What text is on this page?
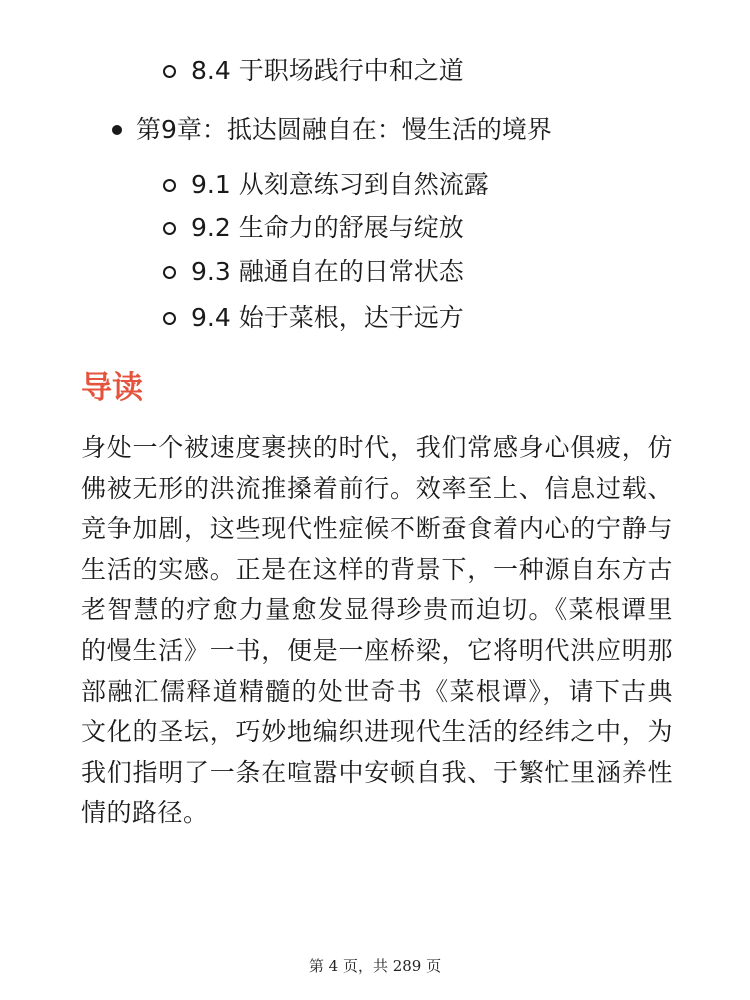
8.4 于职场践行中和之道
第9章：抵达圆融自在：慢生活的境界
9.1 从刻意练习到自然流露
9.2 生命力的舒展与绽放
9.3 融通自在的日常状态
9.4 始于菜根，达于远方
导读

身处一个被速度裹挟的时代，我们常感身心俱疲，仿佛被无形的洪流推搡着前行。效率至上、信息过载、竞争加剧，这些现代性症候不断蚕食着内心的宁静与生活的实感。正是在这样的背景下，一种源自东方古老智慧的疗愈力量愈发显得珍贵而迫切。《菜根谭里的慢生活》一书，便是一座桥梁，它将明代洪应明那部融汇儒释道精髓的处世奇书《菜根谭》，请下古典文化的圣坛，巧妙地编织进现代生活的经纬之中，为我们指明了一条在喧嚣中安顿自我、于繁忙里涵养性情的路径。

第 4 页，共 289 页
